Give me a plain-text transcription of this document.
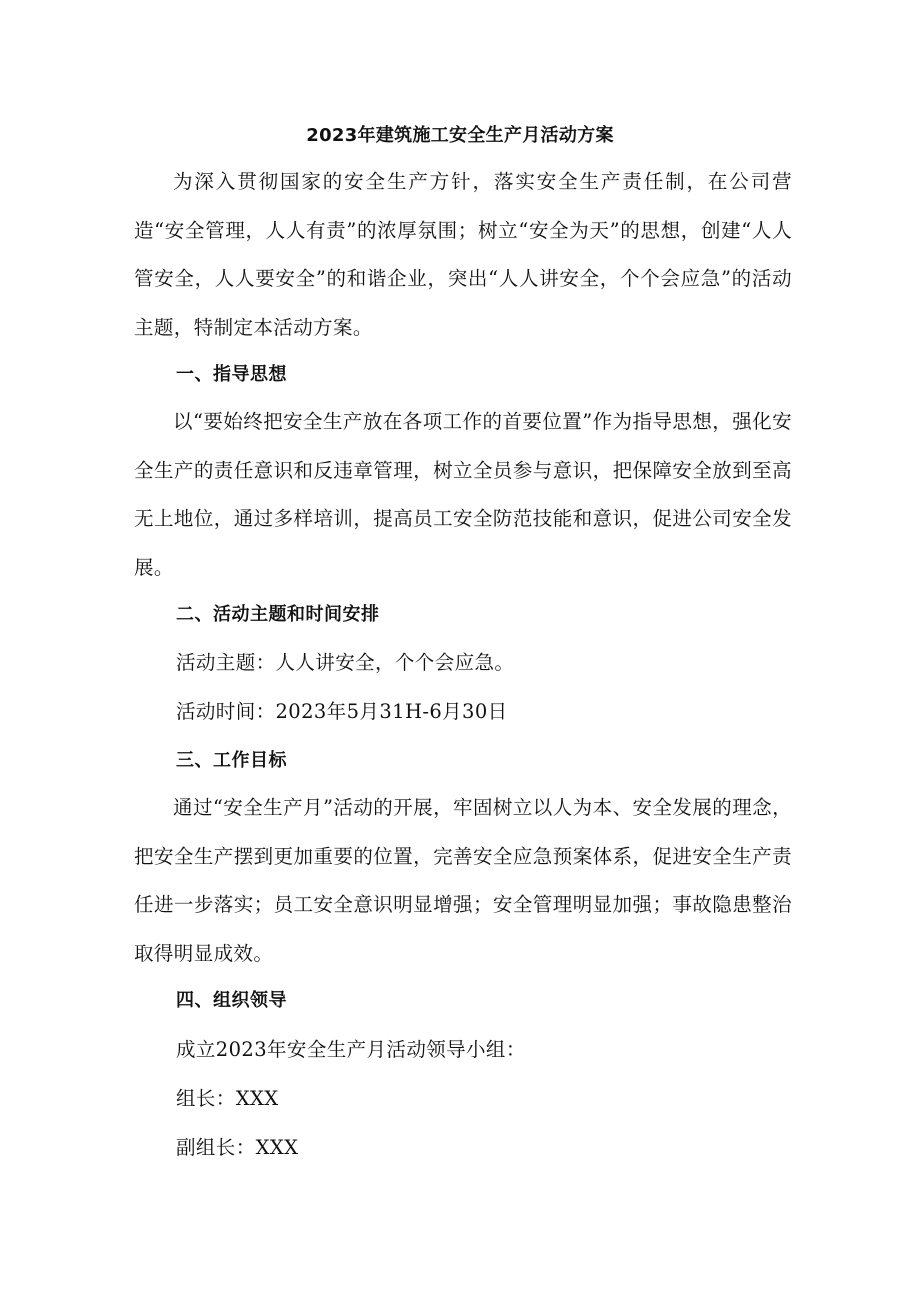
2023年建筑施工安全生产月活动方案

为深入贯彻国家的安全生产方针，落实安全生产责任制，在公司营造“安全管理，人人有责”的浓厚氛围；树立“安全为天”的思想，创建“人人管安全，人人要安全”的和谐企业，突出“人人讲安全，个个会应急”的活动主题，特制定本活动方案。

一、指导思想

以“要始终把安全生产放在各项工作的首要位置”作为指导思想，强化安全生产的责任意识和反违章管理，树立全员参与意识，把保障安全放到至高无上地位，通过多样培训，提高员工安全防范技能和意识，促进公司安全发展。

二、活动主题和时间安排

活动主题：人人讲安全，个个会应急。

活动时间：2023年5月31H-6月30日

三、工作目标

通过“安全生产月”活动的开展，牢固树立以人为本、安全发展的理念，把安全生产摆到更加重要的位置，完善安全应急预案体系，促进安全生产责任进一步落实；员工安全意识明显增强；安全管理明显加强；事故隐患整治取得明显成效。

四、组织领导

成立2023年安全生产月活动领导小组：

组长：XXX

副组长：XXX
